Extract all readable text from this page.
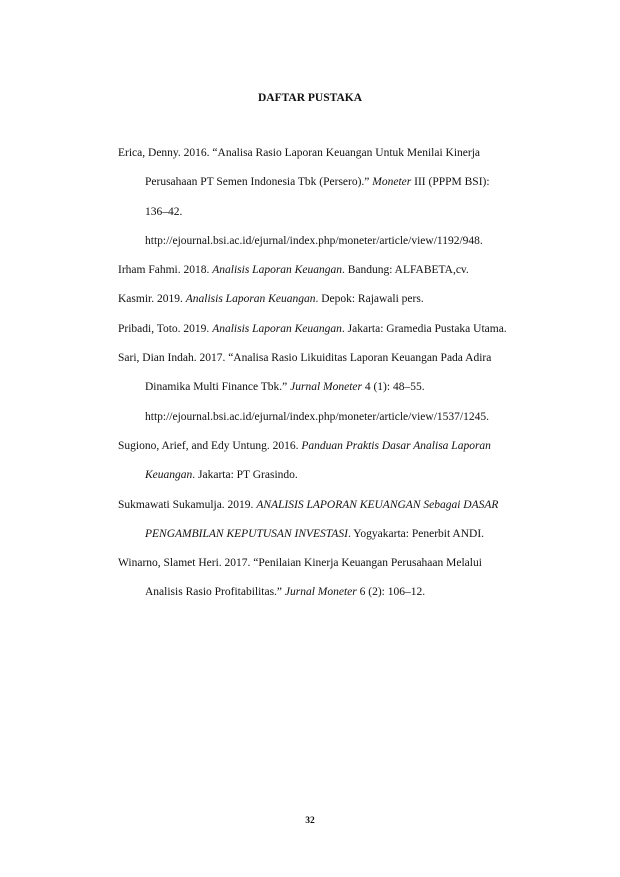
DAFTAR PUSTAKA
Erica, Denny. 2016. “Analisa Rasio Laporan Keuangan Untuk Menilai Kinerja
Perusahaan PT Semen Indonesia Tbk (Persero).” Moneter III (PPPM BSI):
136–42.
http://ejournal.bsi.ac.id/ejurnal/index.php/moneter/article/view/1192/948.
Irham Fahmi. 2018. Analisis Laporan Keuangan. Bandung: ALFABETA,cv.
Kasmir. 2019. Analisis Laporan Keuangan. Depok: Rajawali pers.
Pribadi, Toto. 2019. Analisis Laporan Keuangan. Jakarta: Gramedia Pustaka Utama.
Sari, Dian Indah. 2017. “Analisa Rasio Likuiditas Laporan Keuangan Pada Adira
Dinamika Multi Finance Tbk.” Jurnal Moneter 4 (1): 48–55.
http://ejournal.bsi.ac.id/ejurnal/index.php/moneter/article/view/1537/1245.
Sugiono, Arief, and Edy Untung. 2016. Panduan Praktis Dasar Analisa Laporan
Keuangan. Jakarta: PT Grasindo.
Sukmawati Sukamulja. 2019. ANALISIS LAPORAN KEUANGAN Sebagai DASAR
PENGAMBILAN KEPUTUSAN INVESTASI. Yogyakarta: Penerbit ANDI.
Winarno, Slamet Heri. 2017. “Penilaian Kinerja Keuangan Perusahaan Melalui
Analisis Rasio Profitabilitas.” Jurnal Moneter 6 (2): 106–12.
32
